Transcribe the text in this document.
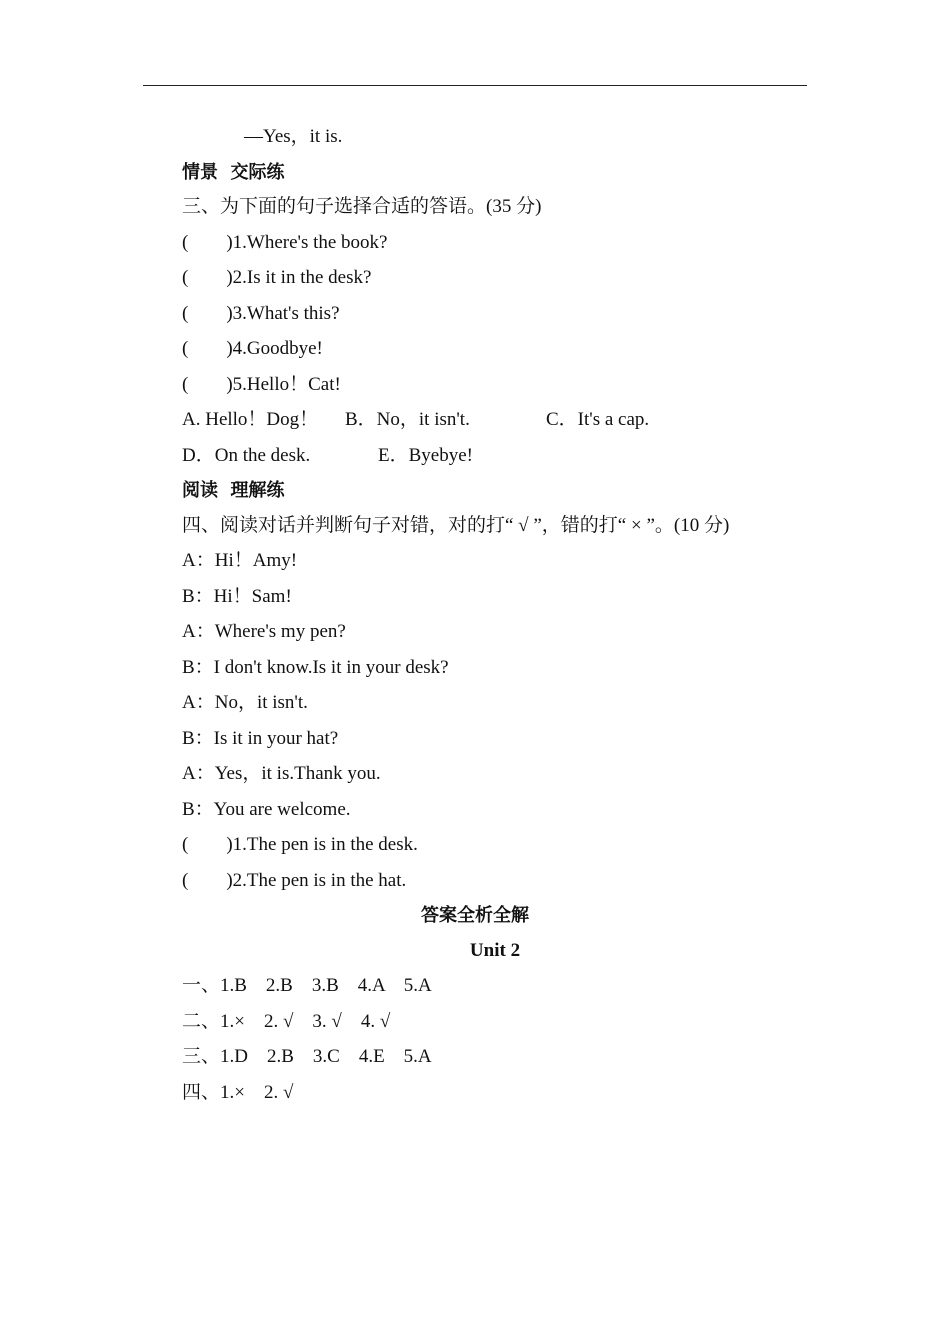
—Yes，it is.
情景  交际练
三、为下面的句子选择合适的答语。(35 分)
(        )1.Where's the book?
(        )2.Is it in the desk?
(        )3.What's this?
(        )4.Goodbye!
(        )5.Hello！Cat!
A. Hello！Dog！ B．No，it isn't.	C．It's a cap.
D．On the desk.	E．Byebye!
阅读  理解练
四、阅读对话并判断句子对错，对的打“ √ ”，错的打“ × ”。(10 分)
A：Hi！Amy!
B：Hi！Sam!
A：Where's my pen?
B：I don't know.Is it in your desk?
A：No，it isn't.
B：Is it in your hat?
A：Yes，it is.Thank you.
B：You are welcome.
(        )1.The pen is in the desk.
(        )2.The pen is in the hat.
答案全析全解
Unit 2
一、1.B    2.B    3.B    4.A    5.A
二、1.×    2. √    3. √    4. √
三、1.D    2.B    3.C    4.E    5.A
四、1.×    2. √
